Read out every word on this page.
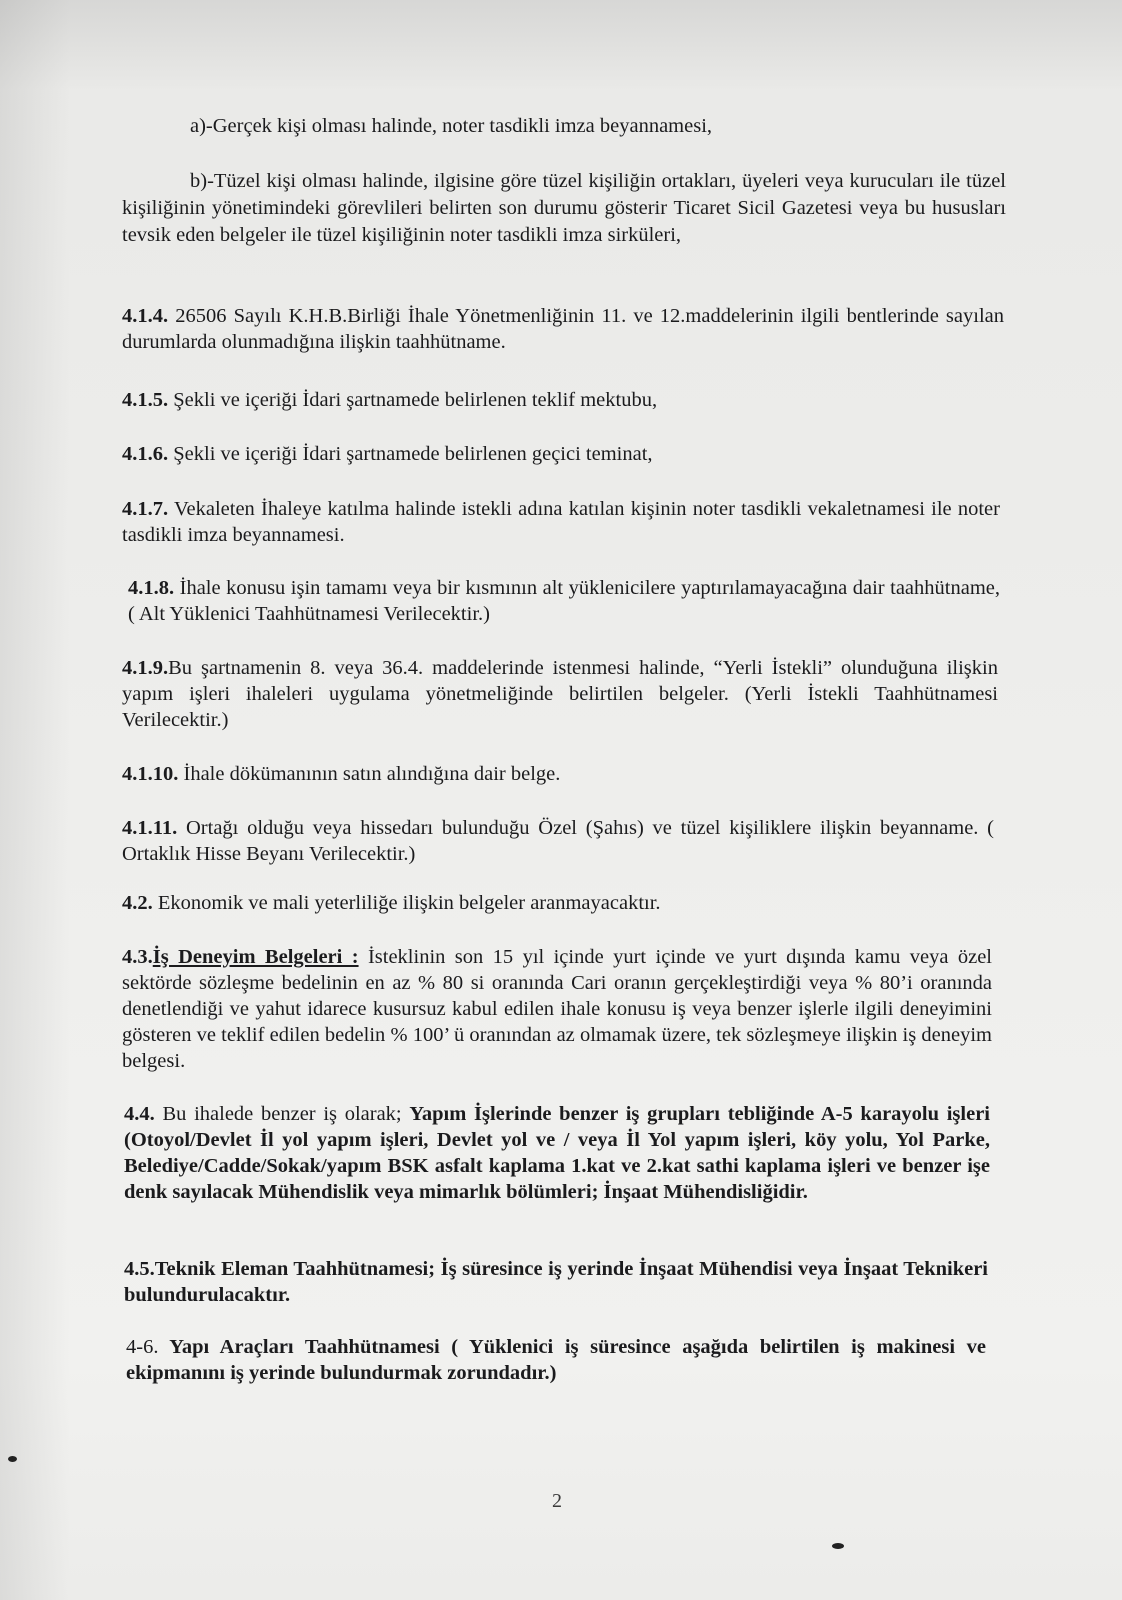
a)-Gerçek kişi olması halinde, noter tasdikli imza beyannamesi,

b)-Tüzel kişi olması halinde, ilgisine göre tüzel kişiliğin ortakları, üyeleri veya kurucuları ile tüzel kişiliğinin yönetimindeki görevlileri belirten son durumu gösterir Ticaret Sicil Gazetesi veya bu hususları tevsik eden belgeler ile tüzel kişiliğinin noter tasdikli imza sirküleri,

4.1.4. 26506 Sayılı K.H.B.Birliği İhale Yönetmenliğinin 11. ve 12.maddelerinin ilgili bentlerinde sayılan durumlarda olunmadığına ilişkin taahhütname.

4.1.5. Şekli ve içeriği İdari şartnamede belirlenen teklif mektubu,

4.1.6. Şekli ve içeriği İdari şartnamede belirlenen geçici teminat,

4.1.7. Vekaleten İhaleye katılma halinde istekli adına katılan kişinin noter tasdikli vekaletnamesi ile noter tasdikli imza beyannamesi.

4.1.8. İhale konusu işin tamamı veya bir kısmının alt yüklenicilere yaptırılamayacağına dair taahhütname, ( Alt Yüklenici Taahhütnamesi Verilecektir.)

4.1.9.Bu şartnamenin 8. veya 36.4. maddelerinde istenmesi halinde, “Yerli İstekli” olunduğuna ilişkin yapım işleri ihaleleri uygulama yönetmeliğinde belirtilen belgeler. (Yerli İstekli Taahhütnamesi Verilecektir.)

4.1.10. İhale dökümanının satın alındığına dair belge.

4.1.11. Ortağı olduğu veya hissedarı bulunduğu Özel (Şahıs) ve tüzel kişiliklere ilişkin beyanname. ( Ortaklık Hisse Beyanı Verilecektir.)

4.2. Ekonomik ve mali yeterliliğe ilişkin belgeler aranmayacaktır.

4.3.İş Deneyim Belgeleri : İsteklinin son 15 yıl içinde yurt içinde ve yurt dışında kamu veya özel sektörde sözleşme bedelinin en az % 80 si oranında Cari oranın gerçekleştirdiği veya % 80’i oranında denetlendiği ve yahut idarece kusursuz kabul edilen ihale konusu iş veya benzer işlerle ilgili deneyimini gösteren ve teklif edilen bedelin % 100’ ü oranından az olmamak üzere, tek sözleşmeye ilişkin iş deneyim belgesi.

4.4. Bu ihalede benzer iş olarak; Yapım İşlerinde benzer iş grupları tebliğinde A-5 karayolu işleri (Otoyol/Devlet İl yol yapım işleri, Devlet yol ve / veya İl Yol yapım işleri, köy yolu, Yol Parke, Belediye/Cadde/Sokak/yapım BSK asfalt kaplama 1.kat ve 2.kat sathi kaplama işleri ve benzer işe denk sayılacak Mühendislik veya mimarlık bölümleri; İnşaat Mühendisliğidir.

4.5.Teknik Eleman Taahhütnamesi; İş süresince iş yerinde İnşaat Mühendisi veya İnşaat Teknikeri bulundurulacaktır.

4-6. Yapı Araçları Taahhütnamesi ( Yüklenici iş süresince aşağıda belirtilen iş makinesi ve ekipmanını iş yerinde bulundurmak zorundadır.)

2
